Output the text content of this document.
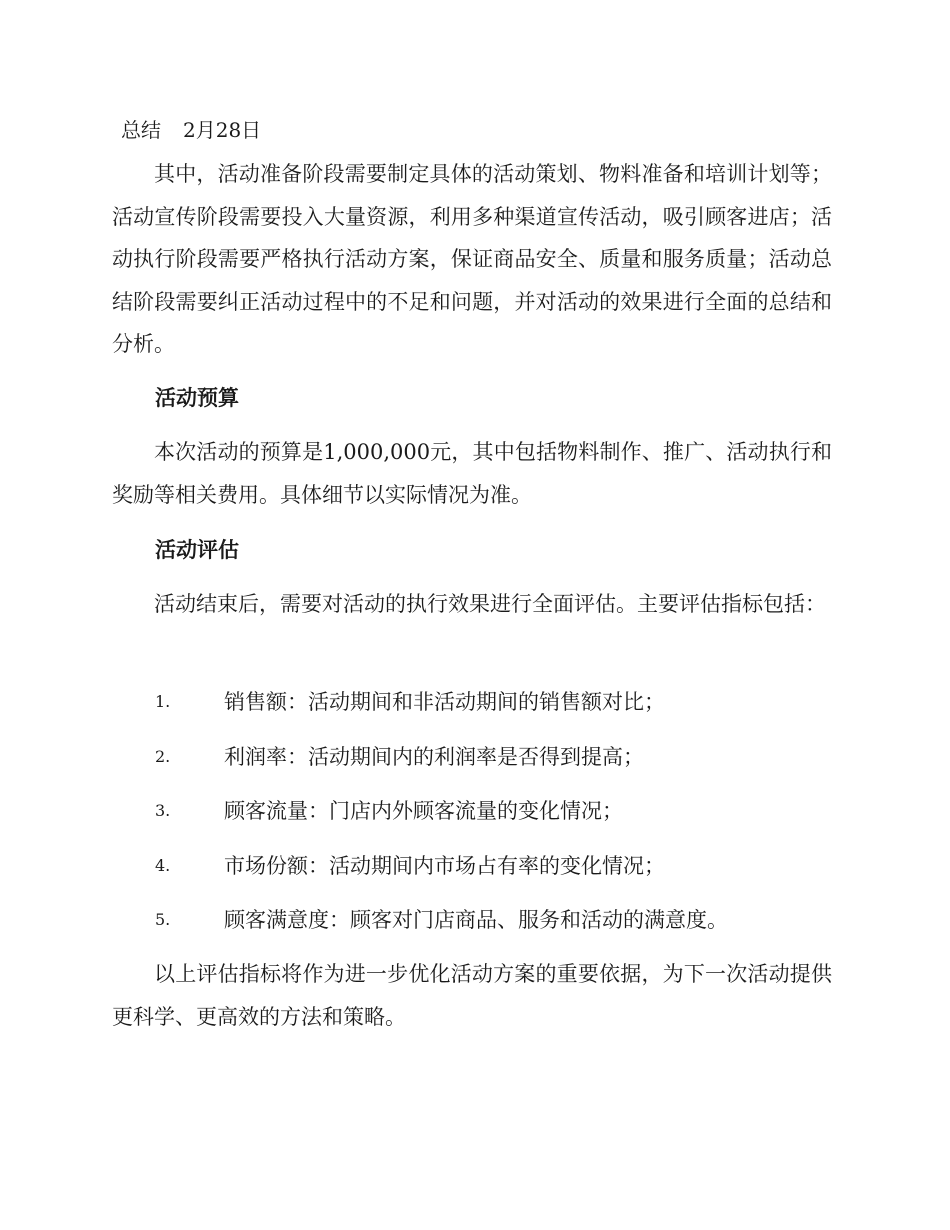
总结 2月28日

其中，活动准备阶段需要制定具体的活动策划、物料准备和培训计划等；活动宣传阶段需要投入大量资源，利用多种渠道宣传活动，吸引顾客进店；活动执行阶段需要严格执行活动方案，保证商品安全、质量和服务质量；活动总结阶段需要纠正活动过程中的不足和问题，并对活动的效果进行全面的总结和分析。

活动预算

本次活动的预算是1,000,000元，其中包括物料制作、推广、活动执行和奖励等相关费用。具体细节以实际情况为准。

活动评估

活动结束后，需要对活动的执行效果进行全面评估。主要评估指标包括：

1.	销售额：活动期间和非活动期间的销售额对比；
2.	利润率：活动期间内的利润率是否得到提高；
3.	顾客流量：门店内外顾客流量的变化情况；
4.	市场份额：活动期间内市场占有率的变化情况；
5.	顾客满意度：顾客对门店商品、服务和活动的满意度。

以上评估指标将作为进一步优化活动方案的重要依据，为下一次活动提供更科学、更高效的方法和策略。
